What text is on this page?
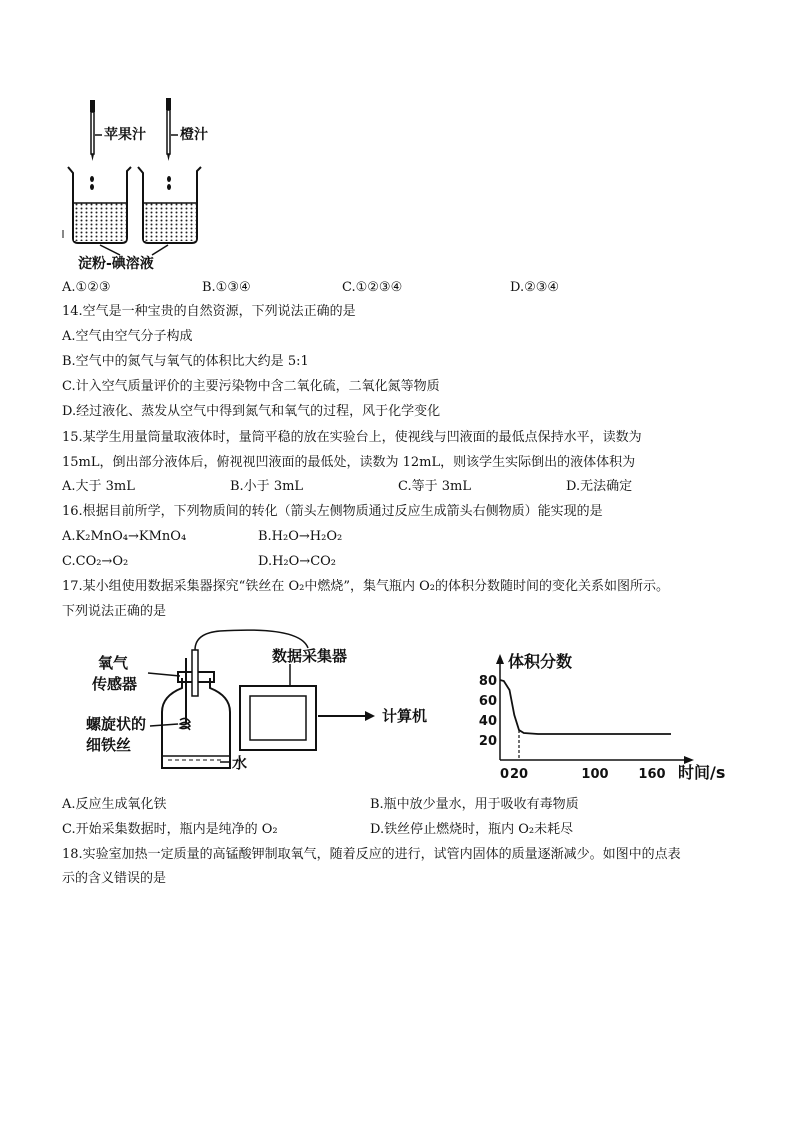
苹果汁 橙汁
淀粉-碘溶液
A.①②③	B.①③④	C.①②③④	D.②③④
14.空气是一种宝贵的自然资源，下列说法正确的是
A.空气由空气分子构成
B.空气中的氮气与氧气的体积比大约是 5:1
C.计入空气质量评价的主要污染物中含二氧化硫，二氧化氮等物质
D.经过液化、蒸发从空气中得到氮气和氧气的过程，风于化学变化
15.某学生用量筒量取液体时，量筒平稳的放在实验台上，使视线与凹液面的最低点保持水平，读数为
15mL，倒出部分液体后，俯视视凹液面的最低处，读数为 12mL，则该学生实际倒出的液体体积为
A.大于 3mL	B.小于 3mL	C.等于 3mL	D.无法确定
16.根据目前所学，下列物质间的转化（箭头左侧物质通过反应生成箭头右侧物质）能实现的是
A.K₂MnO₄→KMnO₄	B.H₂O→H₂O₂
C.CO₂→O₂	D.H₂O→CO₂
17.某小组使用数据采集器探究“铁丝在 O₂中燃烧”，集气瓶内 O₂的体积分数随时间的变化关系如图所示。
下列说法正确的是
氧气
传感器
螺旋状的
细铁丝
水
数据采集器
计算机
80
60
40
20
0 20	100 160
体积分数
时间/s
A.反应生成氧化铁	B.瓶中放少量水，用于吸收有毒物质
C.开始采集数据时，瓶内是纯净的 O₂	D.铁丝停止燃烧时，瓶内 O₂未耗尽
18.实验室加热一定质量的高锰酸钾制取氧气，随着反应的进行，试管内固体的质量逐渐减少。如图中的点表
示的含义错误的是
